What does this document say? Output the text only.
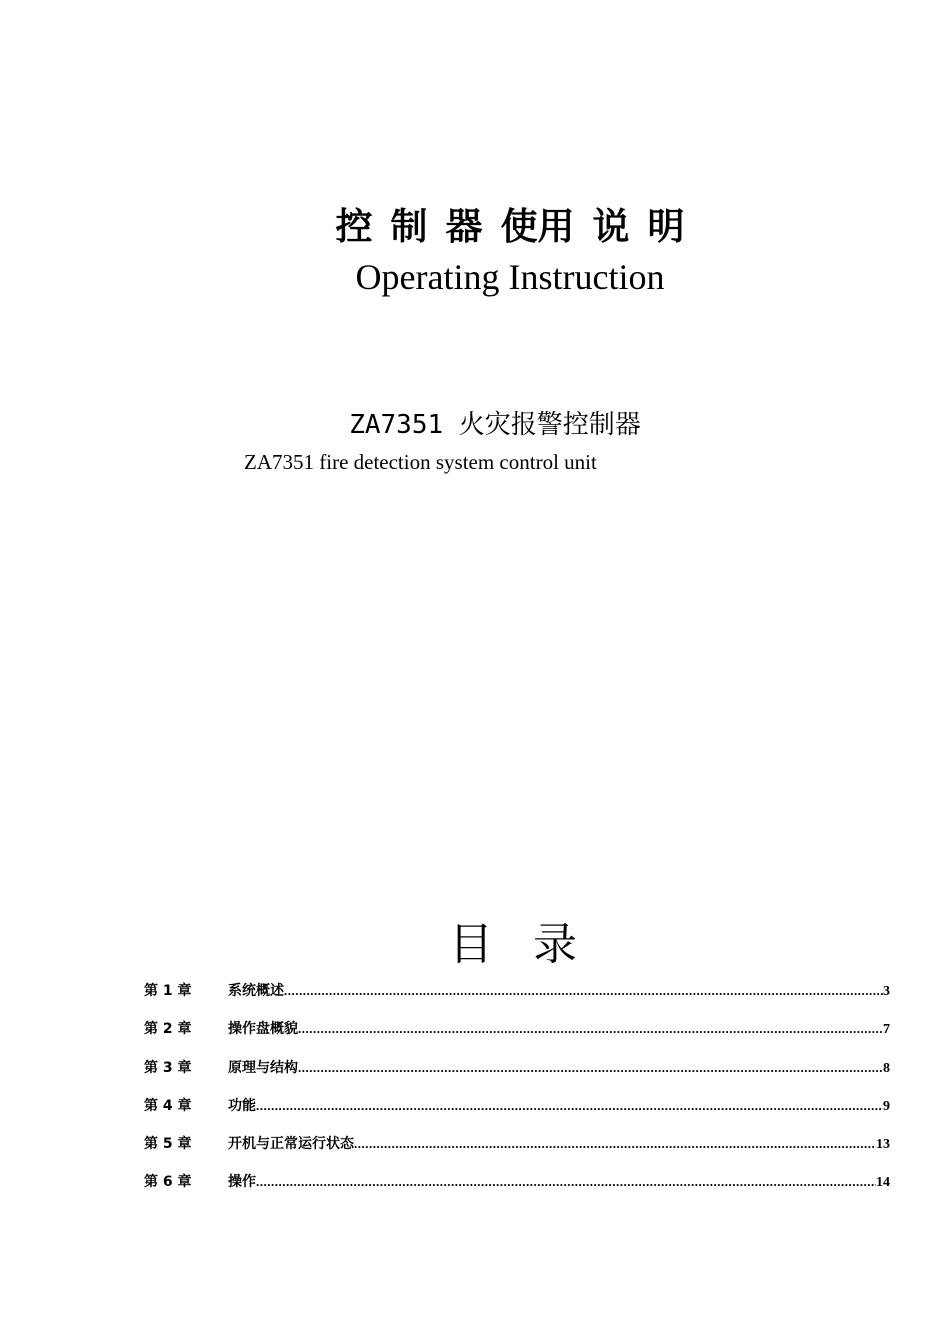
控 制 器 使用 说 明
Operating Instruction
ZA7351 火灾报警控制器
ZA7351 fire detection system control unit
目 录
第 1 章	系统概述 .....	3
第 2 章	操作盘概貌 .....	7
第 3 章	原理与结构 .....	8
第 4 章	功能 .....	9
第 5 章	开机与正常运行状态 .....	13
第 6 章	操作 .....	14
